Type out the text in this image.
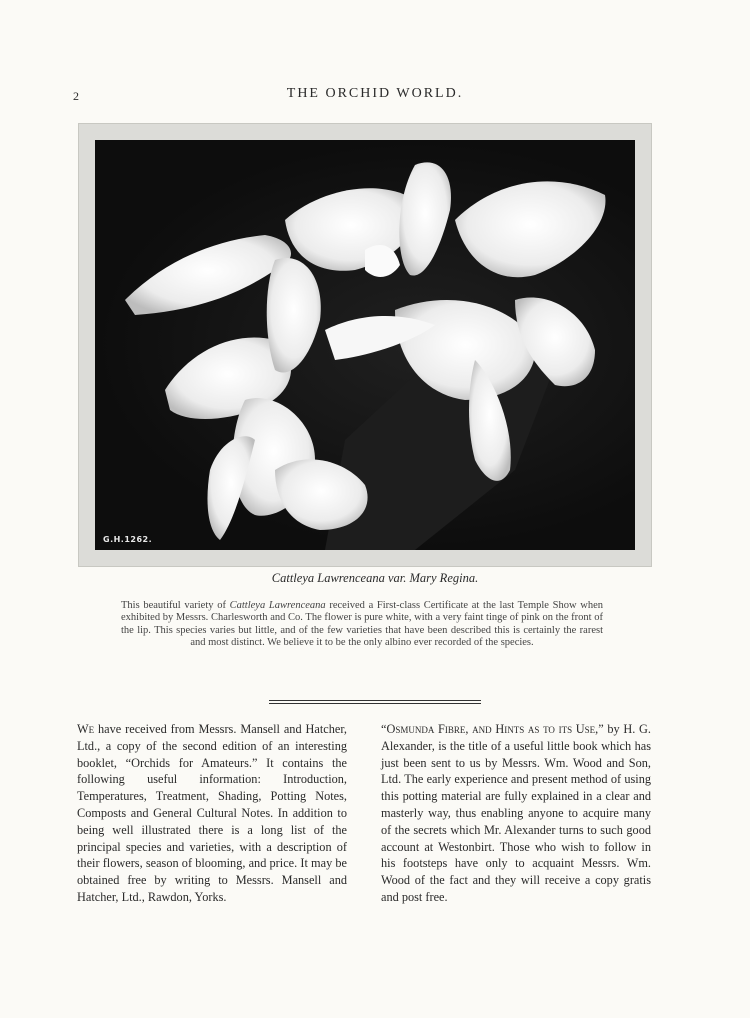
2	THE ORCHID WORLD.
G.H.1262.
Cattleya Lawrenceana var. Mary Regina.
This beautiful variety of Cattleya Lawrenceana received a First-class Certificate at the last Temple Show when exhibited by Messrs. Charlesworth and Co. The flower is pure white, with a very faint tinge of pink on the front of the lip. This species varies but little, and of the few varieties that have been described this is certainly the rarest and most distinct. We believe it to be the only albino ever recorded of the species.
We have received from Messrs. Mansell and Hatcher, Ltd., a copy of the second edition of an interesting booklet, “Orchids for Amateurs.” It contains the following useful information: Introduction, Temperatures, Treatment, Shading, Potting Notes, Composts and General Cultural Notes. In addition to being well illustrated there is a long list of the principal species and varieties, with a description of their flowers, season of blooming, and price. It may be obtained free by writing to Messrs. Mansell and Hatcher, Ltd., Rawdon, Yorks.
“Osmunda Fibre, and Hints as to its Use,” by H. G. Alexander, is the title of a useful little book which has just been sent to us by Messrs. Wm. Wood and Son, Ltd. The early experience and present method of using this potting material are fully explained in a clear and masterly way, thus enabling anyone to acquire many of the secrets which Mr. Alexander turns to such good account at Westonbirt. Those who wish to follow in his footsteps have only to acquaint Messrs. Wm. Wood of the fact and they will receive a copy gratis and post free.
